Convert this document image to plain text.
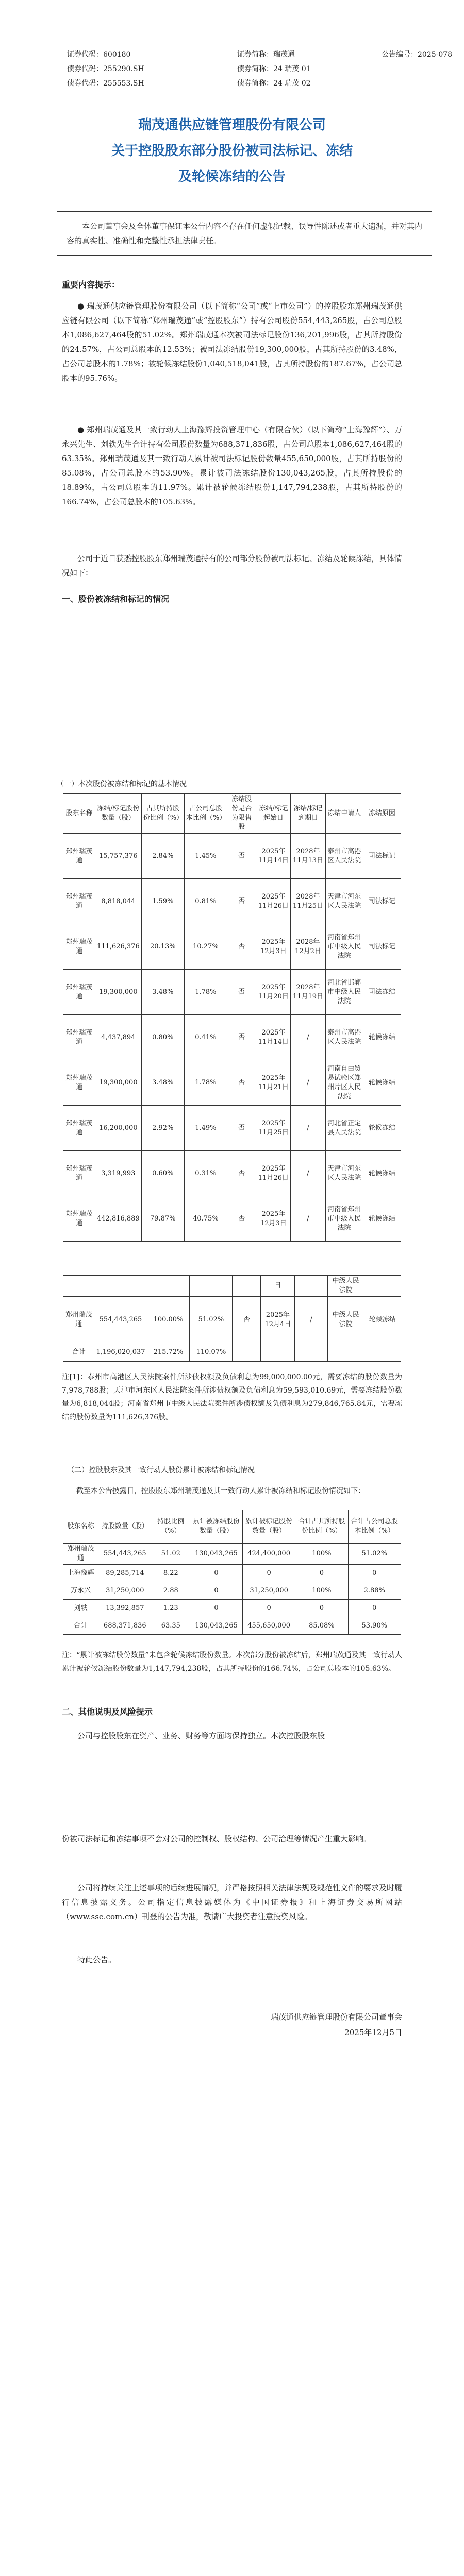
证券代码：600180	证券简称：瑞茂通	公告编号：2025-078
债券代码：255290.SH	债券简称：24 瑞茂 01
债券代码：255553.SH	债券简称：24 瑞茂 02
瑞茂通供应链管理股份有限公司
关于控股股东部分股份被司法标记、冻结
及轮候冻结的公告
本公司董事会及全体董事保证本公告内容不存在任何虚假记载、误导性陈述或者重大遗漏，并对其内容的真实性、准确性和完整性承担法律责任。
重要内容提示：
● 瑞茂通供应链管理股份有限公司（以下简称“公司”或“上市公司”）的控股股东郑州瑞茂通供应链有限公司（以下简称“郑州瑞茂通”或“控股股东”）持有公司股份554,443,265股，占公司总股本1,086,627,464股的51.02%。郑州瑞茂通本次被司法标记股份136,201,996股，占其所持股份的24.57%，占公司总股本的12.53%；被司法冻结股份19,300,000股，占其所持股份的3.48%，占公司总股本的1.78%；被轮候冻结股份1,040,518,041股，占其所持股份的187.67%，占公司总股本的95.76%。
● 郑州瑞茂通及其一致行动人上海豫辉投资管理中心（有限合伙）（以下简称“上海豫辉”）、万永兴先生、刘轶先生合计持有公司股份数量为688,371,836股，占公司总股本1,086,627,464股的63.35%。郑州瑞茂通及其一致行动人累计被司法标记股份数量455,650,000股，占其所持股份的85.08%，占公司总股本的53.90%。累计被司法冻结股份130,043,265股，占其所持股份的18.89%，占公司总股本的11.97%。累计被轮候冻结股份1,147,794,238股，占其所持股份的166.74%，占公司总股本的105.63%。
公司于近日获悉控股股东郑州瑞茂通持有的公司部分股份被司法标记、冻结及轮候冻结，具体情况如下：
一、股份被冻结和标记的情况
（一）本次股份被冻结和标记的基本情况
股东名称	冻结/标记股份数量（股）	占其所持股份比例（%）	占公司总股本比例（%）	冻结股份是否为限售股	冻结/标记起始日	冻结/标记到期日	冻结申请人	冻结原因
郑州瑞茂通	15,757,376	2.84%	1.45%	否	2025年11月14日	2028年11月13日	泰州市高港区人民法院	司法标记
郑州瑞茂通	8,818,044	1.59%	0.81%	否	2025年11月26日	2028年11月25日	天津市河东区人民法院	司法标记
郑州瑞茂通	111,626,376	20.13%	10.27%	否	2025年12月3日	2028年12月2日	河南省郑州市中级人民法院	司法标记
郑州瑞茂通	19,300,000	3.48%	1.78%	否	2025年11月20日	2028年11月19日	河北省邯郸市中级人民法院	司法冻结
郑州瑞茂通	4,437,894	0.80%	0.41%	否	2025年11月14日	/	泰州市高港区人民法院	轮候冻结
郑州瑞茂通	19,300,000	3.48%	1.78%	否	2025年11月21日	/	河南自由贸易试验区郑州片区人民法院	轮候冻结
郑州瑞茂通	16,200,000	2.92%	1.49%	否	2025年11月25日	/	河北省正定县人民法院	轮候冻结
郑州瑞茂通	3,319,993	0.60%	0.31%	否	2025年11月26日	/	天津市河东区人民法院	轮候冻结
郑州瑞茂通	442,816,889	79.87%	40.75%	否	2025年12月3日	/	河南省郑州市中级人民法院	轮候冻结
					日		中级人民法院	
郑州瑞茂通	554,443,265	100.00%	51.02%	否	2025年12月4日	/	中级人民法院	轮候冻结
合计	1,196,020,037	215.72%	110.07%	-	-	-	-	-
注[1]：泰州市高港区人民法院案件所涉债权额及负债利息为99,000,000.00元，需要冻结的股份数量为7,978,788股；天津市河东区人民法院案件所涉债权额及负债利息为59,593,010.69元，需要冻结股份数量为6,818,044股；河南省郑州市中级人民法院案件所涉债权额及负债利息为279,846,765.84元，需要冻结的股份数量为111,626,376股。
（二）控股股东及其一致行动人股份累计被冻结和标记情况
截至本公告披露日，控股股东郑州瑞茂通及其一致行动人累计被冻结和标记股份情况如下：
股东名称	持股数量（股）	持股比例（%）	累计被冻结股份数量（股）	累计被标记股份数量（股）	合计占其所持股份比例（%）	合计占公司总股本比例（%）
郑州瑞茂通	554,443,265	51.02	130,043,265	424,400,000	100%	51.02%
上海豫辉	89,285,714	8.22	0	0	0	0
万永兴	31,250,000	2.88	0	31,250,000	100%	2.88%
刘轶	13,392,857	1.23	0	0	0	0
合计	688,371,836	63.35	130,043,265	455,650,000	85.08%	53.90%
注：“累计被冻结股份数量”未包含轮候冻结股份数量。本次部分股份被冻结后，郑州瑞茂通及其一致行动人累计被轮候冻结股份数量为1,147,794,238股，占其所持股份的166.74%，占公司总股本的105.63%。
二、其他说明及风险提示
公司与控股股东在资产、业务、财务等方面均保持独立。本次控股股东股
份被司法标记和冻结事项不会对公司的控制权、股权结构、公司治理等情况产生重大影响。
公司将持续关注上述事项的后续进展情况，并严格按照相关法律法规及规范性文件的要求及时履行信息披露义务。公司指定信息披露媒体为《中国证券报》和上海证券交易所网站（www.sse.com.cn）刊登的公告为准，敬请广大投资者注意投资风险。
特此公告。
瑞茂通供应链管理股份有限公司董事会
2025年12月5日
